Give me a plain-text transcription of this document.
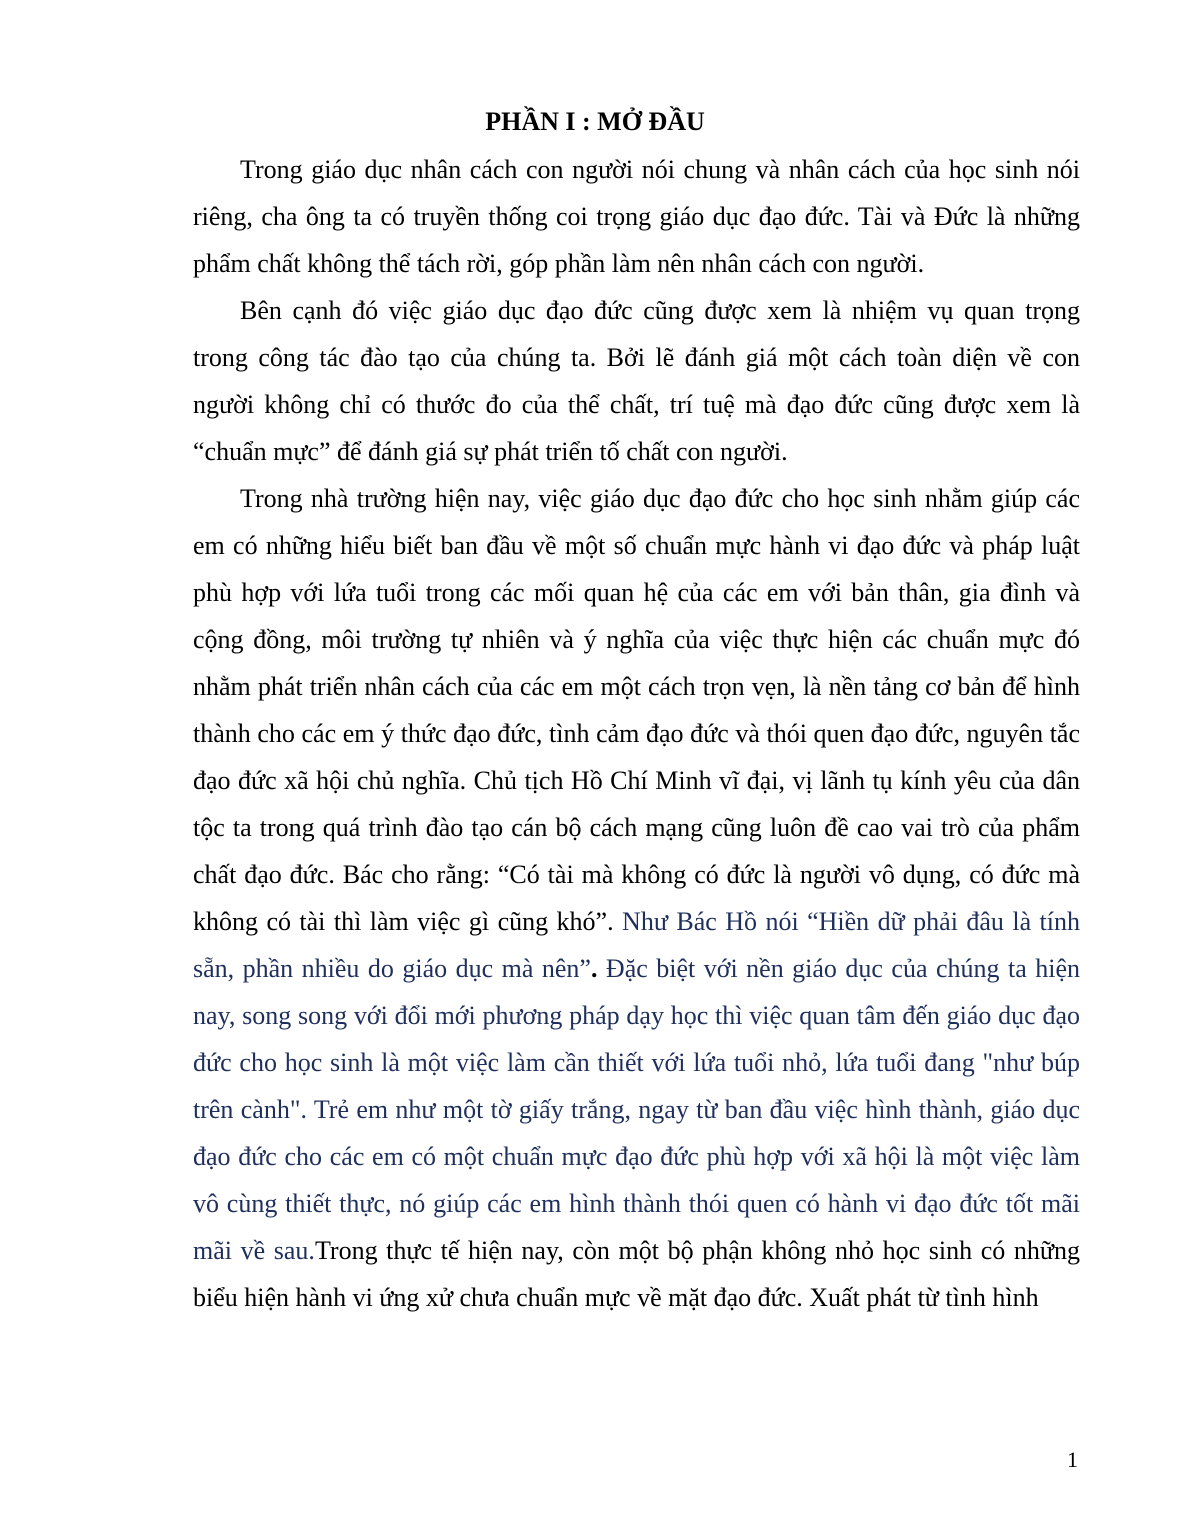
PHẦN I : MỞ ĐẦU

Trong giáo dục nhân cách con người nói chung và nhân cách của học sinh nói riêng, cha ông ta có truyền thống coi trọng giáo dục đạo đức. Tài và Đức là những phẩm chất không thể tách rời, góp phần làm nên nhân cách con người.

Bên cạnh đó việc giáo dục đạo đức cũng được xem là nhiệm vụ quan trọng trong công tác đào tạo của chúng ta. Bởi lẽ đánh giá một cách toàn diện về con người không chỉ có thước đo của thể chất, trí tuệ mà đạo đức cũng được xem là “chuẩn mực” để đánh giá sự phát triển tố chất con người.

Trong nhà trường hiện nay, việc giáo dục đạo đức cho học sinh nhằm giúp các em có những hiểu biết ban đầu về một số chuẩn mực hành vi đạo đức và pháp luật phù hợp với lứa tuổi trong các mối quan hệ của các em với bản thân, gia đình và cộng đồng, môi trường tự nhiên và ý nghĩa của việc thực hiện các chuẩn mực đó nhằm phát triển nhân cách của các em một cách trọn vẹn, là nền tảng cơ bản để hình thành cho các em ý thức đạo đức, tình cảm đạo đức và thói quen đạo đức, nguyên tắc đạo đức xã hội chủ nghĩa. Chủ tịch Hồ Chí Minh vĩ đại, vị lãnh tụ kính yêu của dân tộc ta trong quá trình đào tạo cán bộ cách mạng cũng luôn đề cao vai trò của phẩm chất đạo đức. Bác cho rằng: “Có tài mà không có đức là người vô dụng, có đức mà không có tài thì làm việc gì cũng khó”. Như Bác Hồ nói “Hiền dữ phải đâu là tính sẵn, phần nhiều do giáo dục mà nên”. Đặc biệt với nền giáo dục của chúng ta hiện nay, song song với đổi mới phương pháp dạy học thì việc quan tâm đến giáo dục đạo đức cho học sinh là một việc làm cần thiết với lứa tuổi nhỏ, lứa tuổi đang "như búp trên cành". Trẻ em như một tờ giấy trắng, ngay từ ban đầu việc hình thành, giáo dục đạo đức cho các em có một chuẩn mực đạo đức phù hợp với xã hội là một việc làm vô cùng thiết thực, nó giúp các em hình thành thói quen có hành vi đạo đức tốt mãi mãi về sau.Trong thực tế hiện nay, còn một bộ phận không nhỏ học sinh có những biểu hiện hành vi ứng xử chưa chuẩn mực về mặt đạo đức. Xuất phát từ tình hình

1
